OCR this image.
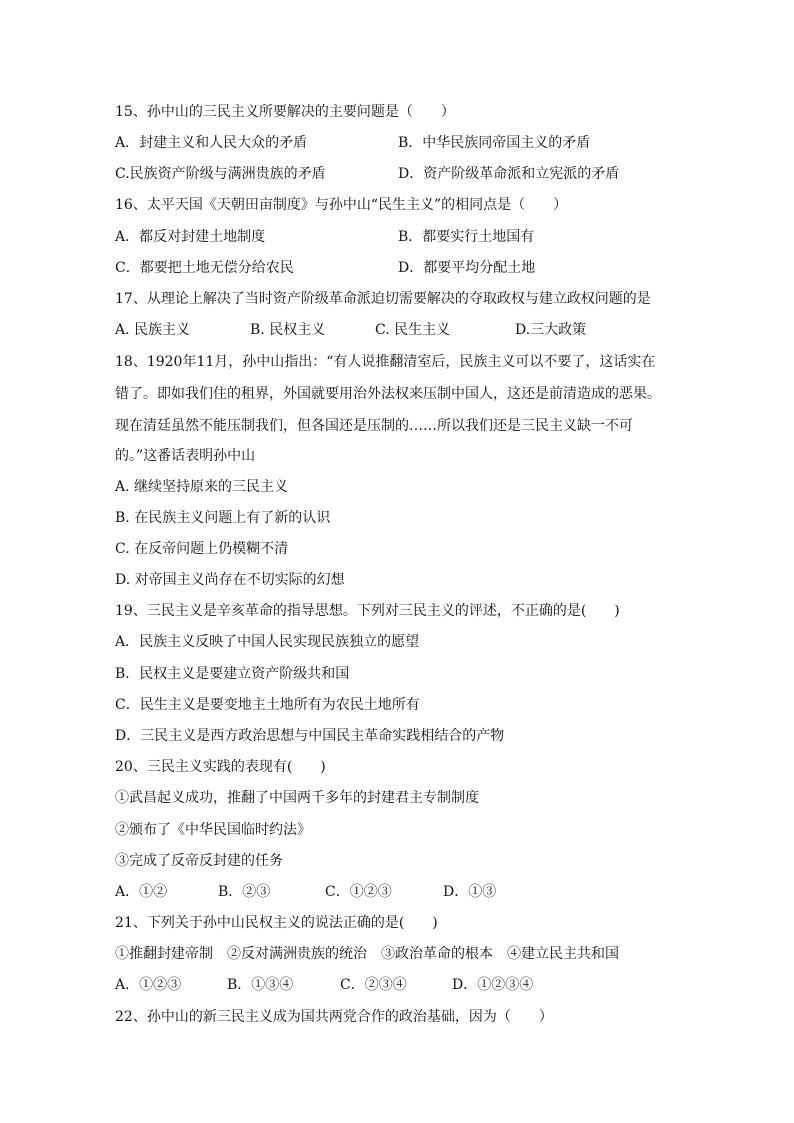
15、孙中山的三民主义所要解决的主要问题是（　　）
A．封建主义和人民大众的矛盾	B．中华民族同帝国主义的矛盾
C.民族资产阶级与满洲贵族的矛盾	D．资产阶级革命派和立宪派的矛盾
16、太平天国《天朝田亩制度》与孙中山“民生主义”的相同点是（　　）
A．都反对封建土地制度	B．都要实行土地国有
C．都要把土地无偿分给农民	D．都要平均分配土地
17、从理论上解决了当时资产阶级革命派迫切需要解决的夺取政权与建立政权问题的是
A. 民族主义	B. 民权主义	C. 民生主义	D.三大政策
18、1920年11月，孙中山指出：“有人说推翻清室后，民族主义可以不要了，这话实在
错了。即如我们住的租界，外国就要用治外法权来压制中国人，这还是前清造成的恶果。
现在清廷虽然不能压制我们，但各国还是压制的……所以我们还是三民主义缺一不可
的。”这番话表明孙中山
A. 继续坚持原来的三民主义
B. 在民族主义问题上有了新的认识
C. 在反帝问题上仍模糊不清
D. 对帝国主义尚存在不切实际的幻想
19、三民主义是辛亥革命的指导思想。下列对三民主义的评述，不正确的是(　　)
A．民族主义反映了中国人民实现民族独立的愿望
B．民权主义是要建立资产阶级共和国
C．民生主义是要变地主土地所有为农民土地所有
D．三民主义是西方政治思想与中国民主革命实践相结合的产物
20、三民主义实践的表现有(　　)
①武昌起义成功，推翻了中国两千多年的封建君主专制制度
②颁布了《中华民国临时约法》
③完成了反帝反封建的任务
A．①②	B．②③	C．①②③	D．①③
21、下列关于孙中山民权主义的说法正确的是(　　)
①推翻封建帝制　②反对满洲贵族的统治　③政治革命的根本　④建立民主共和国
A．①②③	B．①③④	C．②③④	D．①②③④
22、孙中山的新三民主义成为国共两党合作的政治基础，因为（　　）
